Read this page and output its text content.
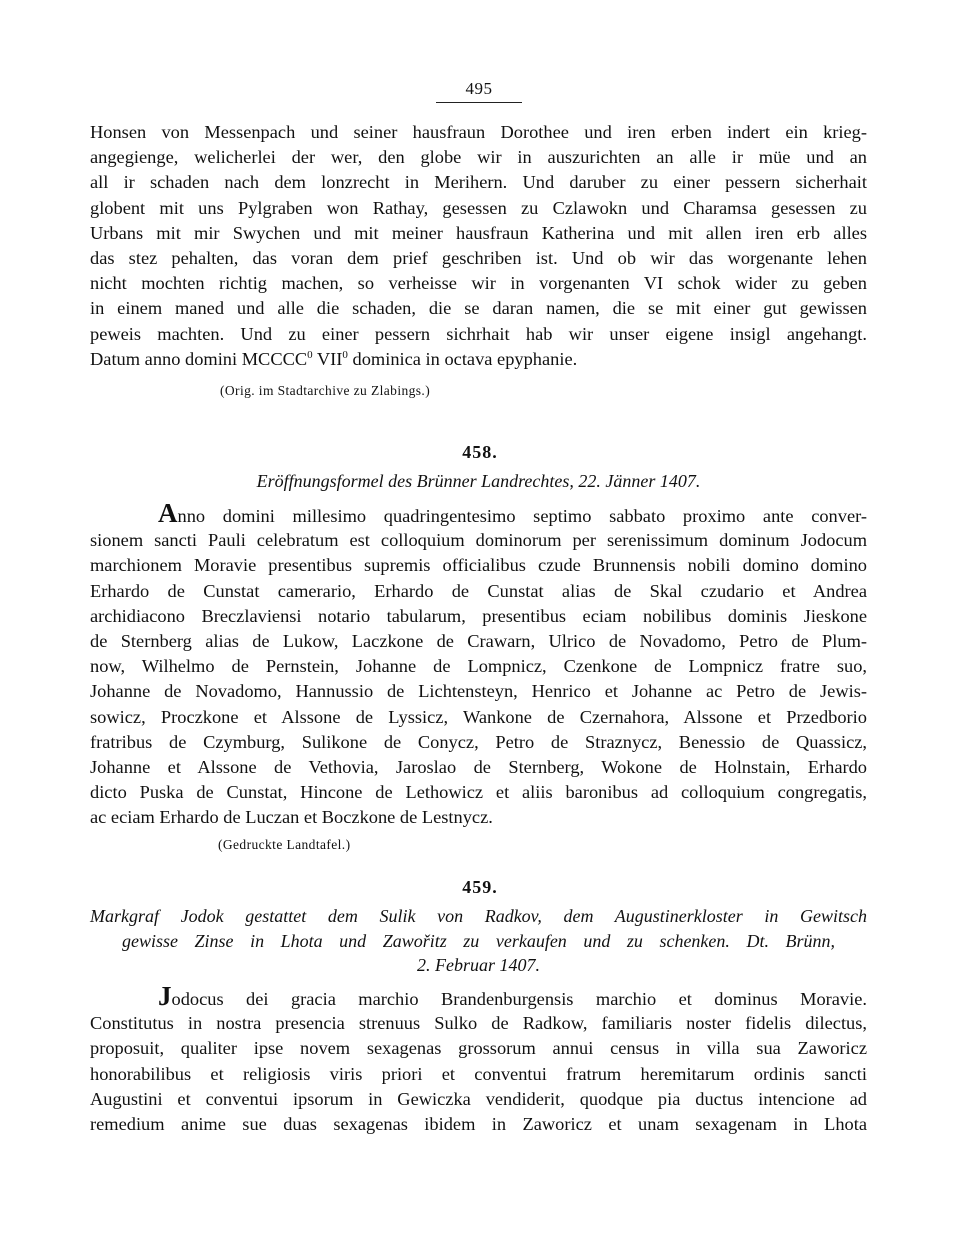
495
Honsen von Messenpach und seiner hausfraun Dorothee und iren erben indert ein krieg-
angegienge, welicherlei der wer, den globe wir in auszurichten an alle ir müe und an
all ir schaden nach dem lonzrecht in Merihern. Und daruber zu einer pessern sicherhait
globent mit uns Pylgraben won Rathay, gesessen zu Czlawokn und Charamsa gesessen zu
Urbans mit mir Swychen und mit meiner hausfraun Katherina und mit allen iren erb alles
das stez pehalten, das voran dem prief geschriben ist. Und ob wir das worgenante lehen
nicht mochten richtig machen, so verheisse wir in vorgenanten VI schok wider zu geben
in einem maned und alle die schaden, die se daran namen, die se mit einer gut gewissen
peweis machten. Und zu einer pessern sichrhait hab wir unser eigene insigl angehangt.
Datum anno domini MCCCC$^0$ VII$^0$ dominica in octava epyphanie.
(Orig. im Stadtarchive zu Zlabings.)
458.
Eröffnungsformel des Brünner Landrechtes, 22. Jänner 1407.
Anno domini millesimo quadringentesimo septimo sabbato proximo ante conver-
sionem sancti Pauli celebratum est colloquium dominorum per serenissimum dominum Jodocum
marchionem Moravie presentibus supremis officialibus czude Brunnensis nobili domino domino
Erhardo de Cunstat camerario, Erhardo de Cunstat alias de Skal czudario et Andrea
archidiacono Breczlaviensi notario tabularum, presentibus eciam nobilibus dominis Jieskone
de Sternberg alias de Lukow, Laczkone de Crawarn, Ulrico de Novadomo, Petro de Plum-
now, Wilhelmo de Pernstein, Johanne de Lompnicz, Czenkone de Lompnicz fratre suo,
Johanne de Novadomo, Hannussio de Lichtensteyn, Henrico et Johanne ac Petro de Jewis-
sowicz, Proczkone et Alssone de Lyssicz, Wankone de Czernahora, Alssone et Przedborio
fratribus de Czymburg, Sulikone de Conycz, Petro de Straznycz, Benessio de Quassicz,
Johanne et Alssone de Vethovia, Jaroslao de Sternberg, Wokone de Holnstain, Erhardo
dicto Puska de Cunstat, Hincone de Lethowicz et aliis baronibus ad colloquium congregatis,
ac eciam Erhardo de Luczan et Boczkone de Lestnycz.
(Gedruckte Landtafel.)
459.
Markgraf Jodok gestattet dem Sulik von Radkov, dem Augustinerkloster in Gewitsch
gewisse Zinse in Lhota und Zawořitz zu verkaufen und zu schenken. Dt. Brünn,
2. Februar 1407.
Jodocus dei gracia marchio Brandenburgensis marchio et dominus Moravie.
Constitutus in nostra presencia strenuus Sulko de Radkow, familiaris noster fidelis dilectus,
proposuit, qualiter ipse novem sexagenas grossorum annui census in villa sua Zaworicz
honorabilibus et religiosis viris priori et conventui fratrum heremitarum ordinis sancti
Augustini et conventui ipsorum in Gewiczka vendiderit, quodque pia ductus intencione ad
remedium anime sue duas sexagenas ibidem in Zaworicz et unam sexagenam in Lhota
